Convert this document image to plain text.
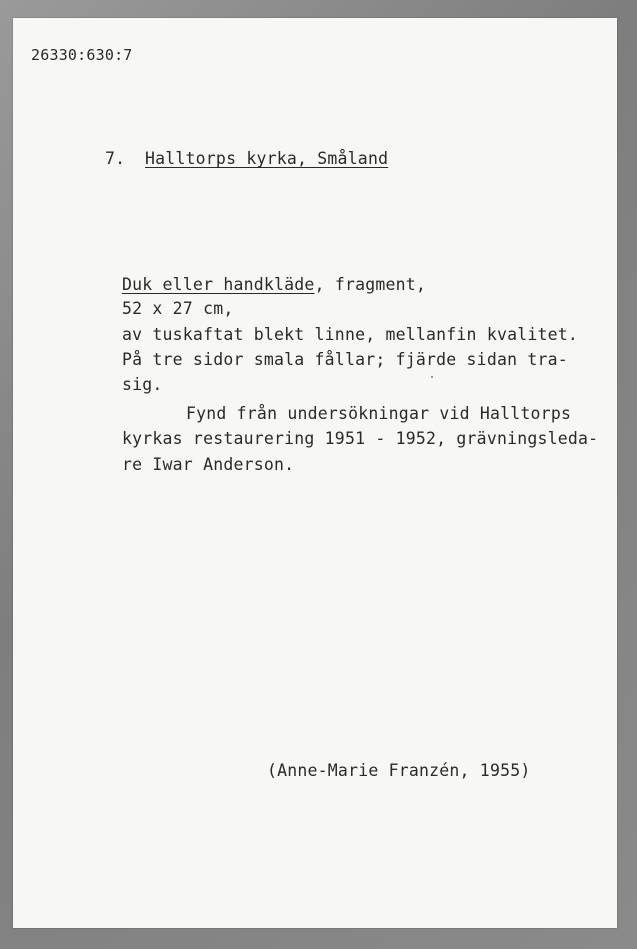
26330:630:7
7. Halltorps kyrka, Småland
Duk eller handkläde, fragment,
52 x 27 cm,
av tuskaftat blekt linne, mellanfin kvalitet.
På tre sidor smala fållar; fjärde sidan tra-
sig.
Fynd från undersökningar vid Halltorps
kyrkas restaurering 1951 - 1952, grävningsleda-
re Iwar Anderson.
(Anne-Marie Franzén, 1955)
